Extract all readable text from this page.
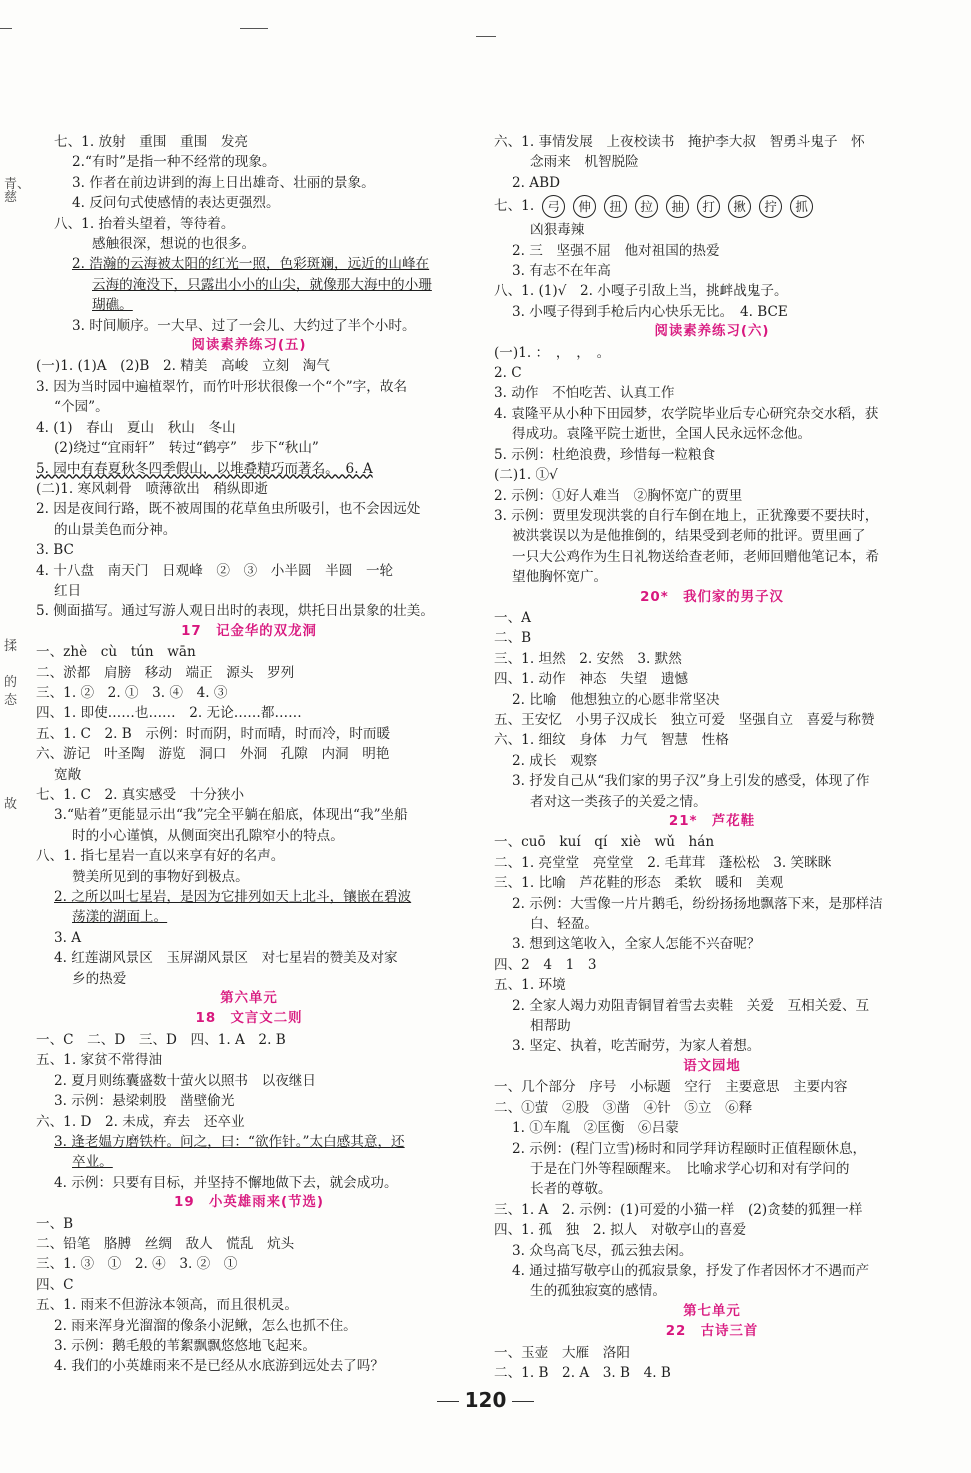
青、慈
揉
的
态
故
七、1. 放射　重围　重围　发亮
2.“有时”是指一种不经常的现象。
3. 作者在前边讲到的海上日出雄奇、壮丽的景象。
4. 反问句式使感情的表达更强烈。
八、1. 抬着头望着，等待着。
感触很深，想说的也很多。
2. 浩瀚的云海被太阳的红光一照，色彩斑斓，远近的山峰在
云海的淹没下，只露出小小的山尖，就像那大海中的小珊
瑚礁。
3. 时间顺序。一大早、过了一会儿、大约过了半个小时。
阅读素养练习(五)
(一)1. (1)A　(2)B　2. 精美　高峻　立刻　淘气
3. 因为当时园中遍植翠竹，而竹叶形状很像一个“个”字，故名
“个园”。
4. (1)　春山　夏山　秋山　冬山
(2)绕过“宜雨轩”　转过“鹤亭”　步下“秋山”
5. 园中有春夏秋冬四季假山，以堆叠精巧而著名。　6. A
(二)1. 寒风刺骨　喷薄欲出　稍纵即逝
2. 因是夜间行路，既不被周围的花草鱼虫所吸引，也不会因远处
的山景美色而分神。
3. BC
4. 十八盘　南天门　日观峰　②　③　小半圆　半圆　一轮
红日
5. 侧面描写。通过写游人观日出时的表现，烘托日出景象的壮美。
17　记金华的双龙洞
一、zhè　cù　tún　wān
二、淤都　肩膀　移动　端正　源头　罗列
三、1. ②　2. ①　3. ④　4. ③
四、1. 即使……也……　2. 无论……都……
五、1. C　2. B　示例：时而阴，时而晴，时而冷，时而暖
六、游记　叶圣陶　游览　洞口　外洞　孔隙　内洞　明艳
宽敞
七、1. C　2. 真实感受　十分狭小
3.“贴着”更能显示出“我”完全平躺在船底，体现出“我”坐船
时的小心谨慎，从侧面突出孔隙窄小的特点。
八、1. 指七星岩一直以来享有好的名声。
赞美所见到的事物好到极点。
2. 之所以叫七星岩，是因为它排列如天上北斗，镶嵌在碧波
荡漾的湖面上。
3. A
4. 红莲湖风景区　玉屏湖风景区　对七星岩的赞美及对家
乡的热爱
第六单元
18　文言文二则
一、C　二、D　三、D　四、1. A　2. B
五、1. 家贫不常得油
2. 夏月则练囊盛数十萤火以照书　以夜继日
3. 示例：悬梁刺股　凿壁偷光
六、1. D　2. 未成，弃去　还卒业
3. 逢老媪方磨铁杵。问之，曰：“欲作针。”太白感其意，还
卒业。
4. 示例：只要有目标，并坚持不懈地做下去，就会成功。
19　小英雄雨来(节选)
一、B
二、铅笔　胳膊　丝绸　敌人　慌乱　炕头
三、1. ③　①　2. ④　3. ②　①
四、C
五、1. 雨来不但游泳本领高，而且很机灵。
2. 雨来浑身光溜溜的像条小泥鳅，怎么也抓不住。
3. 示例：鹅毛般的苇絮飘飘悠悠地飞起来。
4. 我们的小英雄雨来不是已经从水底游到远处去了吗？
六、1. 事情发展　上夜校读书　掩护李大叔　智勇斗鬼子　怀
念雨来　机智脱险
2. ABD
七、1. 弓 伸 扭 拉 抽 打 揪 拧 抓
凶狠毒辣
2. 三　坚强不屈　他对祖国的热爱
3. 有志不在年高
八、1. (1)√　2. 小嘎子引敌上当，挑衅战鬼子。
3. 小嘎子得到手枪后内心快乐无比。　4. BCE
阅读素养练习(六)
(一)1. ：　，　，　。
2. C
3. 动作　不怕吃苦、认真工作
4. 袁隆平从小种下田园梦，农学院毕业后专心研究杂交水稻，获
得成功。袁隆平院士逝世，全国人民永远怀念他。
5. 示例：杜绝浪费，珍惜每一粒粮食
(二)1. ①√
2. 示例：①好人难当　②胸怀宽广的贾里
3. 示例：贾里发现洪裳的自行车倒在地上，正犹豫要不要扶时，
被洪裳误以为是他推倒的，结果受到老师的批评。贾里画了
一只大公鸡作为生日礼物送给查老师，老师回赠他笔记本，希
望他胸怀宽广。
20*　我们家的男子汉
一、A
二、B
三、1. 坦然　2. 安然　3. 默然
四、1. 动作　神态　失望　遗憾
2. 比喻　他想独立的心愿非常坚决
五、王安忆　小男子汉成长　独立可爱　坚强自立　喜爱与称赞
六、1. 细纹　身体　力气　智慧　性格
2. 成长　观察
3. 抒发自己从“我们家的男子汉”身上引发的感受，体现了作
者对这一类孩子的关爱之情。
21*　芦花鞋
一、cuō　kuí　qí　xiè　wǔ　hán
二、1. 亮堂堂　亮堂堂　2. 毛茸茸　蓬松松　3. 笑眯眯
三、1. 比喻　芦花鞋的形态　柔软　暖和　美观
2. 示例：大雪像一片片鹅毛，纷纷扬扬地飘落下来，是那样洁
白、轻盈。
3. 想到这笔收入，全家人怎能不兴奋呢？
四、2　4　1　3
五、1. 环境
2. 全家人竭力劝阻青铜冒着雪去卖鞋　关爱　互相关爱、互
相帮助
3. 坚定、执着，吃苦耐劳，为家人着想。
语文园地
一、几个部分　序号　小标题　空行　主要意思　主要内容
二、①萤　②股　③凿　④针　⑤立　⑥释
1. ①车胤　②匡衡　⑥吕蒙
2. 示例：(程门立雪)杨时和同学拜访程颐时正值程颐休息，
于是在门外等程颐醒来。　比喻求学心切和对有学问的
长者的尊敬。
三、1. A　2. 示例：(1)可爱的小猫一样　(2)贪婪的狐狸一样
四、1. 孤　独　2. 拟人　对敬亭山的喜爱
3. 众鸟高飞尽，孤云独去闲。
4. 通过描写敬亭山的孤寂景象，抒发了作者因怀才不遇而产
生的孤独寂寞的感情。
第七单元
22　古诗三首
一、玉壶　大雁　洛阳
二、1. B　2. A　3. B　4. B
120
